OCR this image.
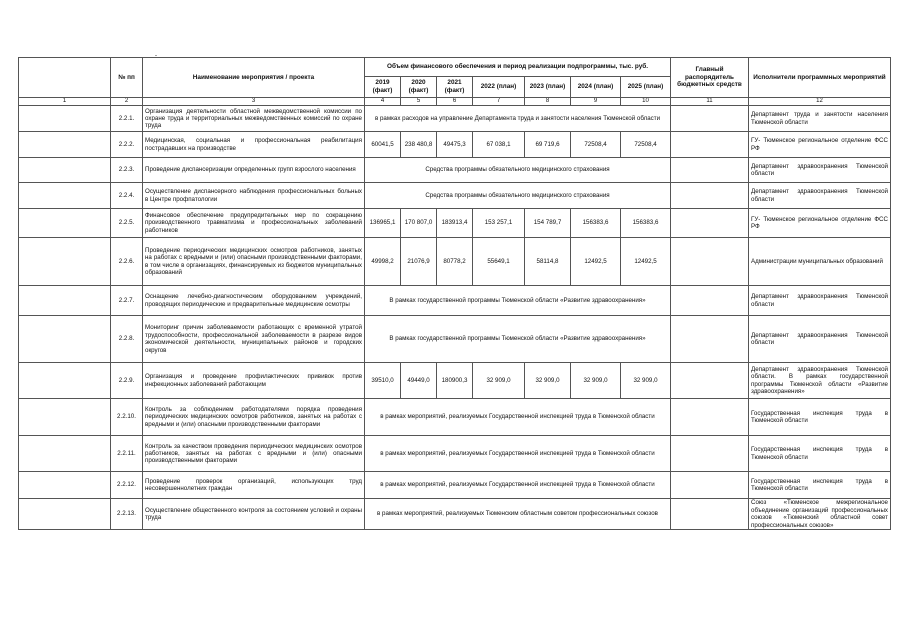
-
	№ пп	Наименование мероприятия / проекта	Объем финансового обеспечения и период реализации подпрограммы, тыс. руб.							Главный распорядитель бюджетных средств	Исполнители программных мероприятий
			2019 (факт)	2020 (факт)	2021 (факт)	2022 (план)	2023 (план)	2024 (план)	2025 (план)		
1	2	3	4	5	6	7	8	9	10	11	12
	2.2.1.	Организация деятельности областной межведомственной комиссии по охране труда и территориальных межведомственных комиссий по охране труда	в рамках расходов на управление Департамента труда и занятости населения Тюменской области								Департамент труда и занятости населения Тюменской области
	2.2.2.	Медицинская, социальная и профессиональная реабилитация пострадавших на производстве	60041,5	238 480,8	49475,3	67 038,1	69 719,6	72508,4	72508,4		ГУ- Тюменское региональное отделение ФСС РФ
	2.2.3.	Проведение диспансеризации определенных групп взрослого населения	Средства программы обязательного медицинского страхования								Департамент здравоохранения Тюменской области
	2.2.4.	Осуществление диспансерного наблюдения профессиональных больных в Центре профпатологии	Средства программы обязательного медицинского страхования								Департамент здравоохранения Тюменской области
	2.2.5.	Финансовое обеспечение предупредительных мер по сокращению производственного травматизма и профессиональных заболеваний работников	136965,1	170 807,0	183913,4	153 257,1	154 789,7	156383,6	156383,6		ГУ- Тюменское региональное отделение ФСС РФ
	2.2.6.	Проведение периодических медицинских осмотров работников, занятых на работах с вредными и (или) опасными производственными факторами, в том числе в организациях, финансируемых из бюджетов муниципальных образований	49998,2	21076,9	80778,2	55649,1	58114,8	12492,5	12492,5		Администрации муниципальных образований
	2.2.7.	Оснащение лечебно-диагностическим оборудованием учреждений, проводящих периодические и предварительные медицинские осмотры	В рамках государственной программы Тюменской области «Развитие здравоохранения»								Департамент здравоохранения Тюменской области
	2.2.8.	Мониторинг причин заболеваемости работающих с временной утратой трудоспособности, профессиональной заболеваемости в разрезе видов экономической деятельности, муниципальных районов и городских округов	В рамках государственной программы Тюменской области «Развитие здравоохранения»								Департамент здравоохранения Тюменской области
	2.2.9.	Организация и проведение профилактических прививок против инфекционных заболеваний работающим	39510,0	49449,0	180900,3	32 909,0	32 909,0	32 909,0	32 909,0		Департамент здравоохранения Тюменской области. В рамках государственной программы Тюменской области «Развитие здравоохранения»
	2.2.10.	Контроль за соблюдением работодателями порядка проведения периодических медицинских осмотров работников, занятых на работах с вредными и (или) опасными производственными факторами	в рамках мероприятий, реализуемых Государственной инспекцией труда в Тюменской области								Государственная инспекция труда в Тюменской области
	2.2.11.	Контроль за качеством проведения периодических медицинских осмотров работников, занятых на работах с вредными и (или) опасными производственными факторами	в рамках мероприятий, реализуемых Государственной инспекцией труда в Тюменской области								Государственная инспекция труда в Тюменской области
	2.2.12.	Проведение проверок организаций, использующих труд несовершеннолетних граждан	в рамках мероприятий, реализуемых Государственной инспекцией труда в Тюменской области								Государственная инспекция труда в Тюменской области
	2.2.13.	Осуществление общественного контроля за состоянием условий и охраны труда	в рамках мероприятий, реализуемых Тюменским областным советом профессиональных союзов								Союз «Тюменское межрегиональное объединение организаций профессиональных союзов «Тюменский областной совет профессиональных союзов»
